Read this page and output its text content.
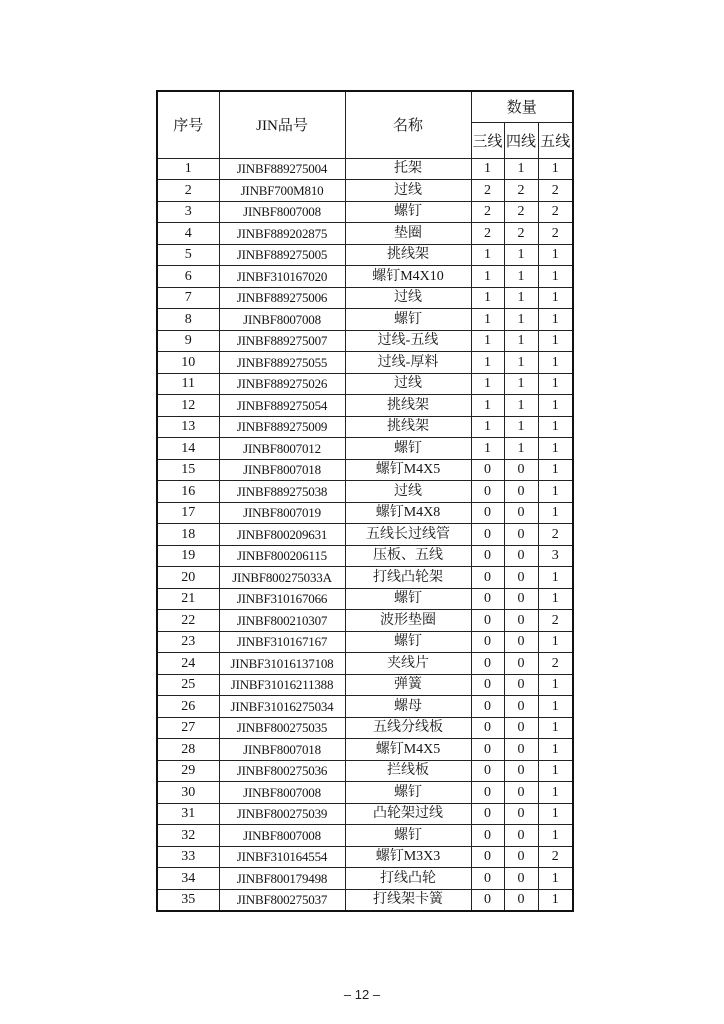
序号	JIN品号	名称	数量		
			三线	四线	五线
1	JINBF889275004	托架	1	1	1
2	JINBF700M810	过线	2	2	2
3	JINBF8007008	螺钉	2	2	2
4	JINBF889202875	垫圈	2	2	2
5	JINBF889275005	挑线架	1	1	1
6	JINBF310167020	螺钉M4X10	1	1	1
7	JINBF889275006	过线	1	1	1
8	JINBF8007008	螺钉	1	1	1
9	JINBF889275007	过线-五线	1	1	1
10	JINBF889275055	过线-厚料	1	1	1
11	JINBF889275026	过线	1	1	1
12	JINBF889275054	挑线架	1	1	1
13	JINBF889275009	挑线架	1	1	1
14	JINBF8007012	螺钉	1	1	1
15	JINBF8007018	螺钉M4X5	0	0	1
16	JINBF889275038	过线	0	0	1
17	JINBF8007019	螺钉M4X8	0	0	1
18	JINBF800209631	五线长过线管	0	0	2
19	JINBF800206115	压板、五线	0	0	3
20	JINBF800275033A	打线凸轮架	0	0	1
21	JINBF310167066	螺钉	0	0	1
22	JINBF800210307	波形垫圈	0	0	2
23	JINBF310167167	螺钉	0	0	1
24	JINBF31016137108	夹线片	0	0	2
25	JINBF31016211388	弹簧	0	0	1
26	JINBF31016275034	螺母	0	0	1
27	JINBF800275035	五线分线板	0	0	1
28	JINBF8007018	螺钉M4X5	0	0	1
29	JINBF800275036	拦线板	0	0	1
30	JINBF8007008	螺钉	0	0	1
31	JINBF800275039	凸轮架过线	0	0	1
32	JINBF8007008	螺钉	0	0	1
33	JINBF310164554	螺钉M3X3	0	0	2
34	JINBF800179498	打线凸轮	0	0	1
35	JINBF800275037	打线架卡簧	0	0	1
– 12 –
